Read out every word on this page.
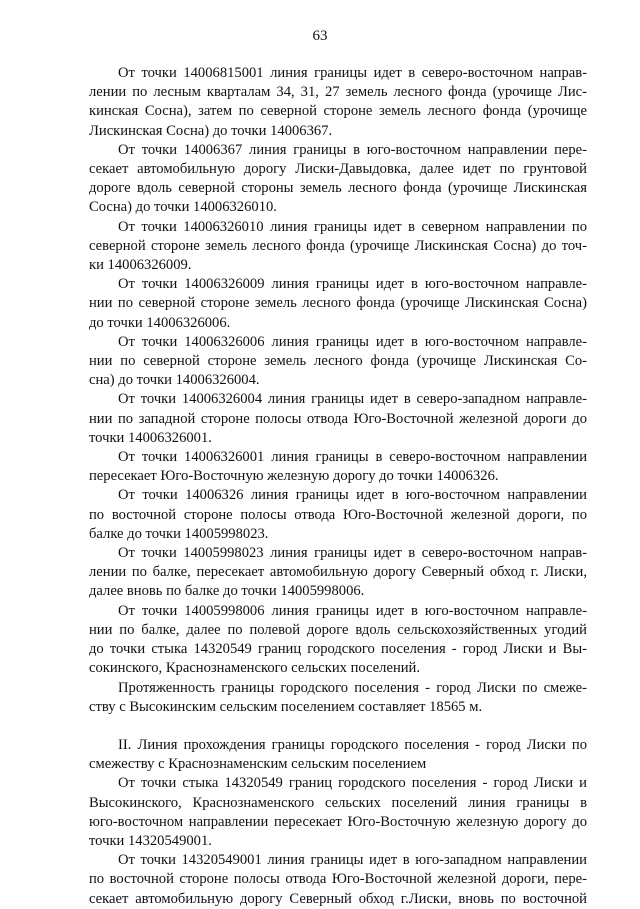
63
От точки 14006815001 линия границы идет в северо-восточном направ-
лении по лесным кварталам 34, 31, 27 земель лесного фонда (урочище Лис-
кинская Сосна), затем по северной стороне земель лесного фонда (урочище
Лискинская Сосна) до точки 14006367.
От точки 14006367 линия границы в юго-восточном направлении пере-
секает автомобильную дорогу Лиски-Давыдовка, далее идет по грунтовой
дороге вдоль северной стороны земель лесного фонда (урочище Лискинская
Сосна) до точки 14006326010.
От точки 14006326010 линия границы идет в северном направлении по
северной стороне земель лесного фонда (урочище Лискинская Сосна) до точ-
ки 14006326009.
От точки 14006326009 линия границы идет в юго-восточном направле-
нии по северной стороне земель лесного фонда (урочище Лискинская Сосна)
до точки 14006326006.
От точки 14006326006 линия границы идет в юго-восточном направле-
нии по северной стороне земель лесного фонда (урочище Лискинская Со-
сна) до точки 14006326004.
От точки 14006326004 линия границы идет в северо-западном направле-
нии по западной стороне полосы отвода Юго-Восточной железной дороги до
точки 14006326001.
От точки 14006326001 линия границы в северо-восточном направлении
пересекает Юго-Восточную железную дорогу до точки 14006326.
От точки 14006326 линия границы идет в юго-восточном направлении
по восточной стороне полосы отвода Юго-Восточной железной дороги, по
балке до точки 14005998023.
От точки 14005998023 линия границы идет в северо-восточном направ-
лении по балке, пересекает автомобильную дорогу Северный обход г. Лиски,
далее вновь по балке до точки 14005998006.
От точки 14005998006 линия границы идет в юго-восточном направле-
нии по балке, далее по полевой дороге вдоль сельскохозяйственных угодий
до точки стыка 14320549 границ городского поселения - город Лиски и Вы-
сокинского, Краснознаменского сельских поселений.
Протяженность границы городского поселения - город Лиски по смеже-
ству с Высокинским сельским поселением составляет 18565 м.
II. Линия прохождения границы городского поселения - город Лиски по
смежеству с Краснознаменским сельским поселением
От точки стыка 14320549 границ городского поселения - город Лиски и
Высокинского, Краснознаменского сельских поселений линия границы в
юго-восточном направлении пересекает Юго-Восточную железную дорогу до
точки 14320549001.
От точки 14320549001 линия границы идет в юго-западном направлении
по восточной стороне полосы отвода Юго-Восточной железной дороги, пере-
секает автомобильную дорогу Северный обход г.Лиски, вновь по восточной
